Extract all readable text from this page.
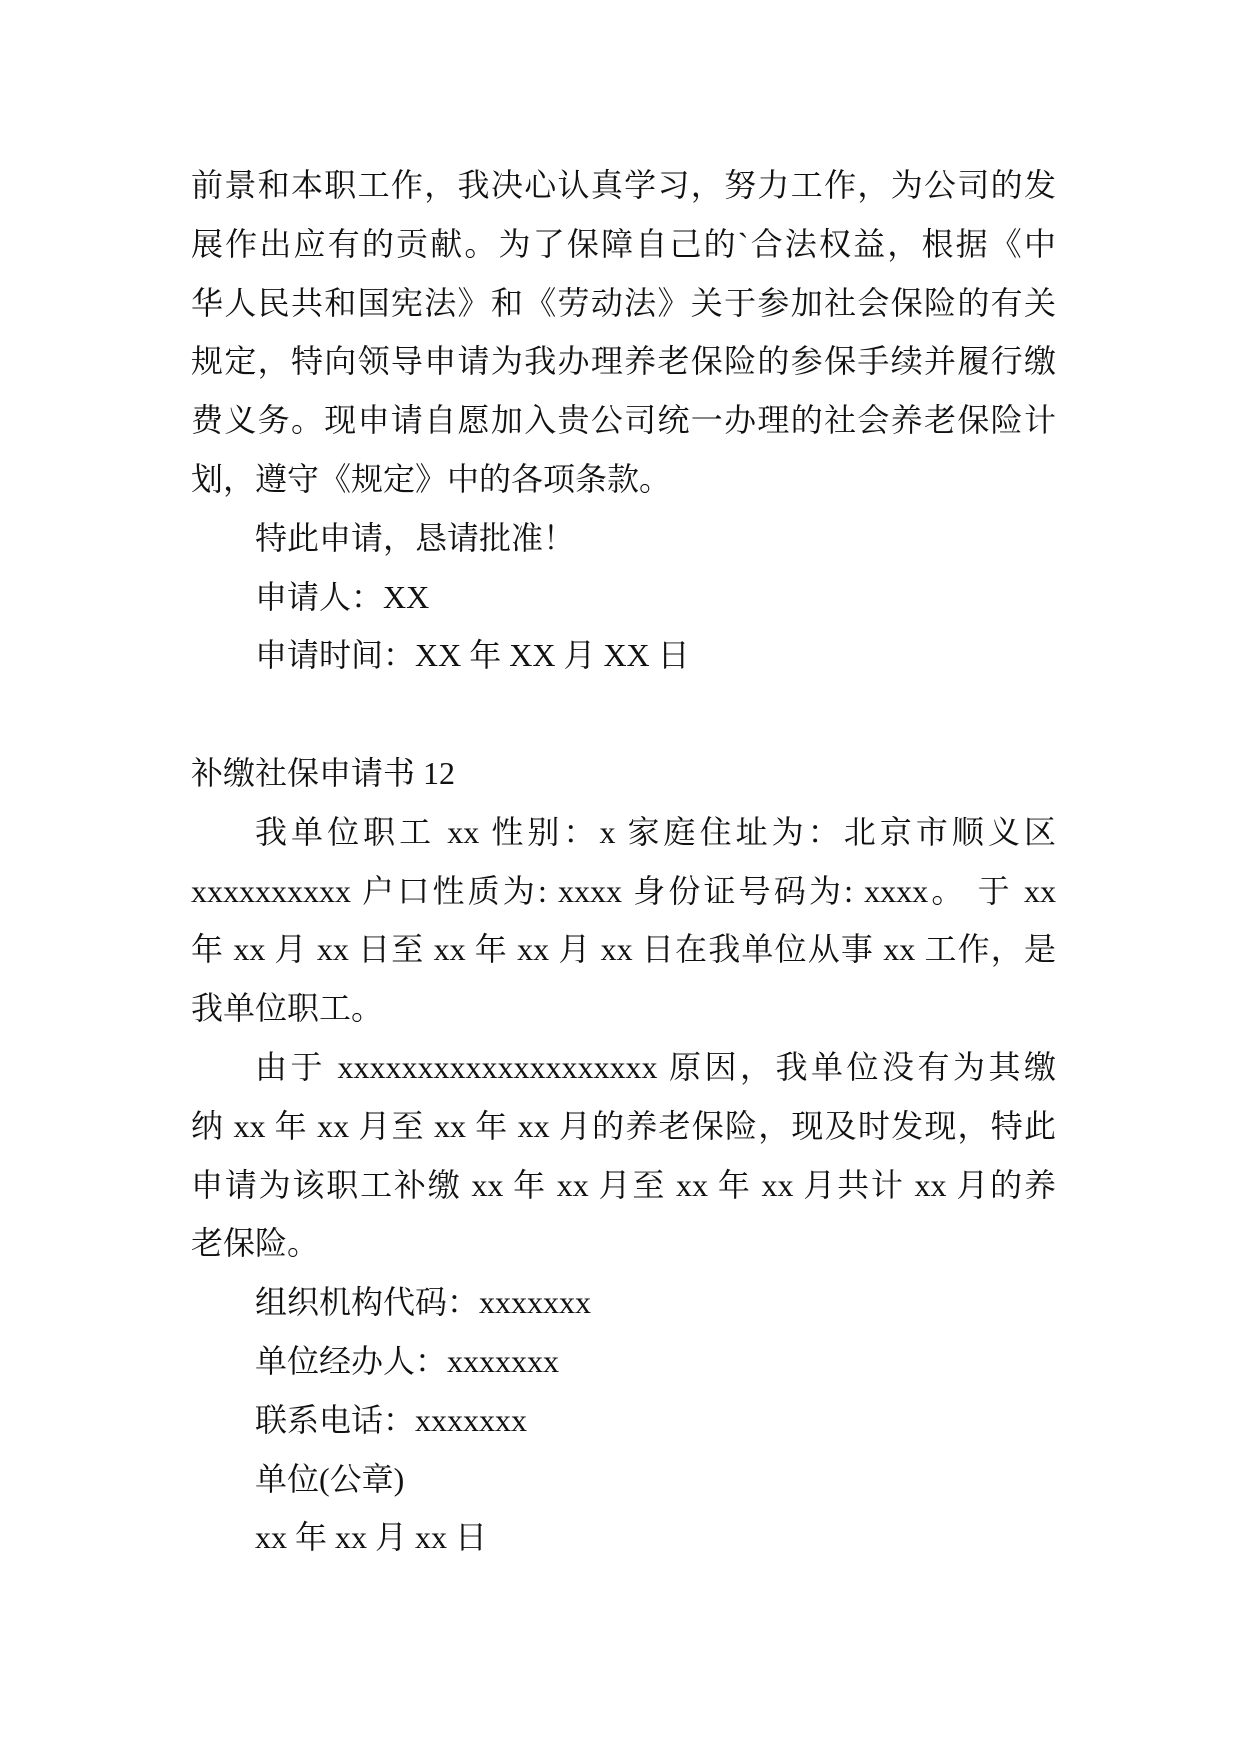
前景和本职工作，我决心认真学习，努力工作，为公司的发
展作出应有的贡献。为了保障自己的`合法权益，根据《中
华人民共和国宪法》和《劳动法》关于参加社会保险的有关
规定，特向领导申请为我办理养老保险的参保手续并履行缴
费义务。现申请自愿加入贵公司统一办理的社会养老保险计
划，遵守《规定》中的各项条款。
特此申请，恳请批准！
申请人：XX
申请时间：XX 年 XX 月 XX 日
补缴社保申请书 12
我单位职工 xx 性别：x 家庭住址为：北京市顺义区
xxxxxxxxxx 户口性质为: xxxx 身份证号码为: xxxx。 于 xx
年 xx 月 xx 日至 xx 年 xx 月 xx 日在我单位从事 xx 工作，是
我单位职工。
由于 xxxxxxxxxxxxxxxxxxxx 原因，我单位没有为其缴
纳 xx 年 xx 月至 xx 年 xx 月的养老保险，现及时发现，特此
申请为该职工补缴 xx 年 xx 月至 xx 年 xx 月共计 xx 月的养
老保险。
组织机构代码：xxxxxxx
单位经办人：xxxxxxx
联系电话：xxxxxxx
单位(公章)
xx 年 xx 月 xx 日
